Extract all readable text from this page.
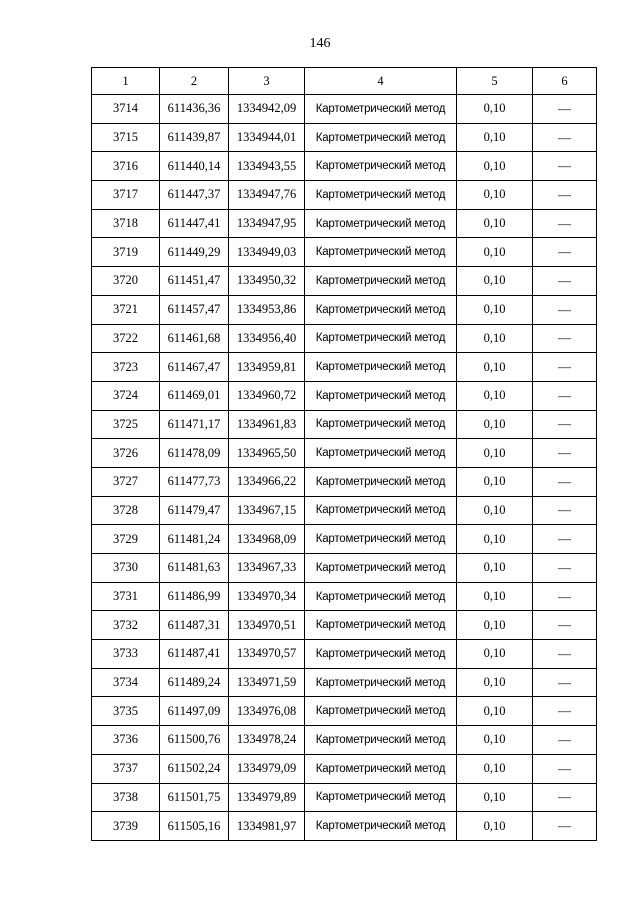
146
1	2	3	4	5	6
3714	611436,36	1334942,09	Картометрический метод	0,10	—
3715	611439,87	1334944,01	Картометрический метод	0,10	—
3716	611440,14	1334943,55	Картометрический метод	0,10	—
3717	611447,37	1334947,76	Картометрический метод	0,10	—
3718	611447,41	1334947,95	Картометрический метод	0,10	—
3719	611449,29	1334949,03	Картометрический метод	0,10	—
3720	611451,47	1334950,32	Картометрический метод	0,10	—
3721	611457,47	1334953,86	Картометрический метод	0,10	—
3722	611461,68	1334956,40	Картометрический метод	0,10	—
3723	611467,47	1334959,81	Картометрический метод	0,10	—
3724	611469,01	1334960,72	Картометрический метод	0,10	—
3725	611471,17	1334961,83	Картометрический метод	0,10	—
3726	611478,09	1334965,50	Картометрический метод	0,10	—
3727	611477,73	1334966,22	Картометрический метод	0,10	—
3728	611479,47	1334967,15	Картометрический метод	0,10	—
3729	611481,24	1334968,09	Картометрический метод	0,10	—
3730	611481,63	1334967,33	Картометрический метод	0,10	—
3731	611486,99	1334970,34	Картометрический метод	0,10	—
3732	611487,31	1334970,51	Картометрический метод	0,10	—
3733	611487,41	1334970,57	Картометрический метод	0,10	—
3734	611489,24	1334971,59	Картометрический метод	0,10	—
3735	611497,09	1334976,08	Картометрический метод	0,10	—
3736	611500,76	1334978,24	Картометрический метод	0,10	—
3737	611502,24	1334979,09	Картометрический метод	0,10	—
3738	611501,75	1334979,89	Картометрический метод	0,10	—
3739	611505,16	1334981,97	Картометрический метод	0,10	—
